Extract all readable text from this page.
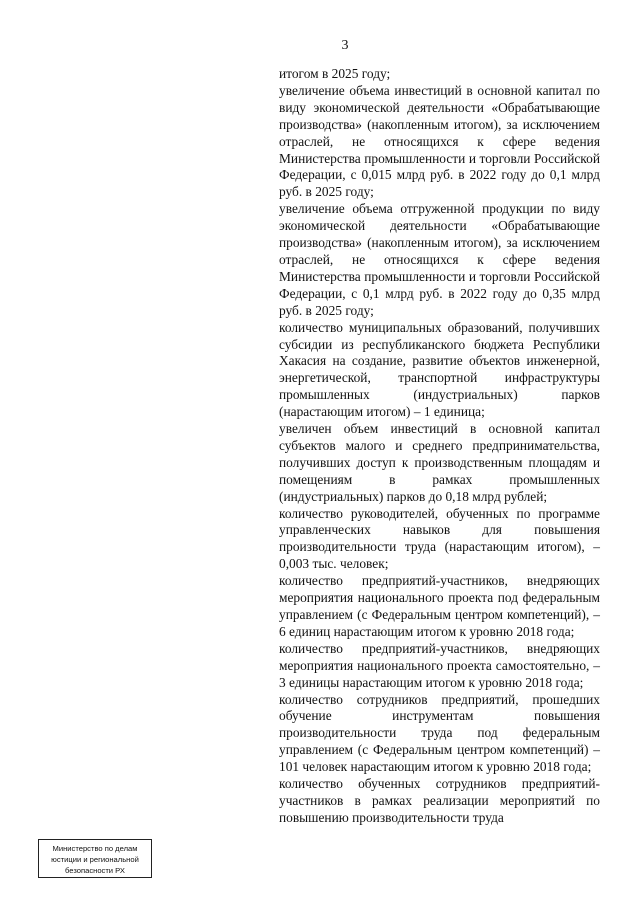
3

итогом в 2025 году;

увеличение объема инвестиций в основной капитал по виду экономической деятельности «Обрабатывающие производства» (накопленным итогом), за исключением отраслей, не относящихся к сфере ведения Министерства промышленности и торговли Российской Федерации, с 0,015 млрд руб. в 2022 году до 0,1 млрд руб. в 2025 году;

увеличение объема отгруженной продукции по виду экономической деятельности «Обрабатывающие производства» (накопленным итогом), за исключением отраслей, не относящихся к сфере ведения Министерства промышленности и торговли Российской Федерации, с 0,1 млрд руб. в 2022 году до 0,35 млрд руб. в 2025 году;

количество муниципальных образований, получивших субсидии из республиканского бюджета Республики Хакасия на создание, развитие объектов инженерной, энергетической, транспортной инфраструктуры промышленных (индустриальных) парков (нарастающим итогом) – 1 единица;

увеличен объем инвестиций в основной капитал субъектов малого и среднего предпринимательства, получивших доступ к производственным площадям и помещениям в рамках промышленных (индустриальных) парков до 0,18 млрд рублей;

количество руководителей, обученных по программе управленческих навыков для повышения производительности труда (нарастающим итогом), – 0,003 тыс. человек;

количество предприятий-участников, внедряющих мероприятия национального проекта под федеральным управлением (с Федеральным центром компетенций), – 6 единиц нарастающим итогом к уровню 2018 года;

количество предприятий-участников, внедряющих мероприятия национального проекта самостоятельно, – 3 единицы нарастающим итогом к уровню 2018 года;

количество сотрудников предприятий, прошедших обучение инструментам повышения производительности труда под федеральным управлением (с Федеральным центром компетенций) – 101 человек нарастающим итогом к уровню 2018 года;

количество обученных сотрудников предприятий-участников в рамках реализации мероприятий по повышению производительности труда

Министерство по делам
юстиции и региональной
безопасности РХ
